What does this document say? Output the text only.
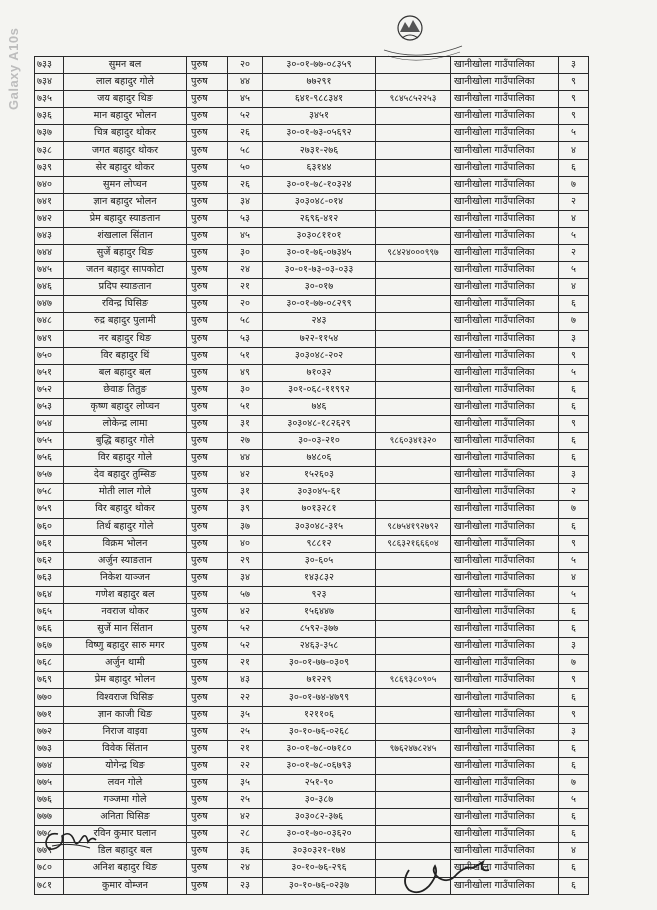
Galaxy A10s	७३३	सुमन बल	पुरुष	२०	३०-०१-७७-०८३५९		खानीखोला गाउँपालिका	३
७३४	लाल बहादुर गोले	पुरुष	४४	७७२९१		खानीखोला गाउँपालिका	९
७३५	जय बहादुर थिङ	पुरुष	४५	६४१-९८८३४१	९८४५८५२२५३	खानीखोला गाउँपालिका	९
७३६	मान बहादुर भोलन	पुरुष	५२	३४५१		खानीखोला गाउँपालिका	९
७३७	चित्र बहादुर थोकर	पुरुष	२६	३०-०१-७३-०५६९२		खानीखोला गाउँपालिका	५
७३८	जगत बहादुर थोकर	पुरुष	५८	२७३१-२७६		खानीखोला गाउँपालिका	४
७३९	सेर बहादुर थोकर	पुरुष	५०	६३१४४		खानीखोला गाउँपालिका	६
७४०	सुमन लोप्चन	पुरुष	२६	३०-०१-७८-१०३२४		खानीखोला गाउँपालिका	७
७४१	ज्ञान बहादुर भोलन	पुरुष	३४	३०३०४८-०१४		खानीखोला गाउँपालिका	२
७४२	प्रेम बहादुर स्याङतान	पुरुष	५३	२६९६-४१२		खानीखोला गाउँपालिका	४
७४३	शंखलाल सिंतान	पुरुष	४५	३०३०८११०१		खानीखोला गाउँपालिका	५
७४४	सुर्जे बहादुर थिङ	पुरुष	३०	३०-०१-७६-०७३४५	९८४२४०००९९७	खानीखोला गाउँपालिका	२
७४५	जतन बहादुर सापकोटा	पुरुष	२४	३०-०१-७३-०३-०३३		खानीखोला गाउँपालिका	५
७४६	प्रदिप स्याङतान	पुरुष	२१	३०-०१७		खानीखोला गाउँपालिका	४
७४७	रविन्द्र घिसिङ	पुरुष	२०	३०-०१-७७-०८२९९		खानीखोला गाउँपालिका	६
७४८	रुद्र बहादुर पुलामी	पुरुष	५८	२४३		खानीखोला गाउँपालिका	७
७४९	नर बहादुर थिङ	पुरुष	५३	७२२-११५४		खानीखोला गाउँपालिका	३
७५०	विर बहादुर थिं	पुरुष	५१	३०३०४८-२०२		खानीखोला गाउँपालिका	९
७५१	बल बहादुर बल	पुरुष	४९	७१०३२		खानीखोला गाउँपालिका	५
७५२	छेवाङ तितुङ	पुरुष	३०	३०१-०६८-११९९२		खानीखोला गाउँपालिका	६
७५३	कृष्ण बहादुर लोप्चन	पुरुष	५१	७४६		खानीखोला गाउँपालिका	६
७५४	लोकेन्द्र लामा	पुरुष	३१	३०३०४८-१८२६२९		खानीखोला गाउँपालिका	९
७५५	बुद्धि बहादुर गोले	पुरुष	२७	३०-०३-२१०	९८६०३४१३२०	खानीखोला गाउँपालिका	६
७५६	विर बहादुर गोले	पुरुष	४४	७४८०६		खानीखोला गाउँपालिका	६
७५७	देव बहादुर तुम्सिङ	पुरुष	४२	१५२६०३		खानीखोला गाउँपालिका	३
७५८	मोती लाल गोले	पुरुष	३१	३०३०४५-६१		खानीखोला गाउँपालिका	२
७५९	विर बहादुर थोकर	पुरुष	३९	७०१३२८१		खानीखोला गाउँपालिका	७
७६०	तिर्थ बहादुर गोले	पुरुष	३७	३०३०४८-३१५	९८७५४१९२७९२	खानीखोला गाउँपालिका	६
७६१	विक्रम भोलन	पुरुष	४०	९८८१२	९८६३२१६६६०४	खानीखोला गाउँपालिका	९
७६२	अर्जुन स्याङतान	पुरुष	२९	३०-६०५		खानीखोला गाउँपालिका	५
७६३	निकेश याञ्जन	पुरुष	३४	१४३८३२		खानीखोला गाउँपालिका	४
७६४	गणेश बहादुर बल	पुरुष	५७	९२३		खानीखोला गाउँपालिका	५
७६५	नवराज थोकर	पुरुष	४२	१५६४४७		खानीखोला गाउँपालिका	६
७६६	सुर्जे मान सिंतान	पुरुष	५२	८५९२-३७७		खानीखोला गाउँपालिका	६
७६७	विष्णु बहादुर सारु मगर	पुरुष	५२	२४६३-३५८		खानीखोला गाउँपालिका	३
७६८	अर्जुन थामी	पुरुष	२१	३०-०१-७७-०३०९		खानीखोला गाउँपालिका	७
७६९	प्रेम बहादुर भोलन	पुरुष	४३	७१२२९	९८६९३८०९०५	खानीखोला गाउँपालिका	९
७७०	विश्वराज घिसिङ	पुरुष	२२	३०-०१-७४-४७९९		खानीखोला गाउँपालिका	६
७७१	ज्ञान काजी थिङ	पुरुष	३५	१२११०६		खानीखोला गाउँपालिका	९
७७२	निराज वाइवा	पुरुष	२५	३०-१०-७६-०२६८		खानीखोला गाउँपालिका	३
७७३	विवेक सिंतान	पुरुष	२१	३०-०१-७८-०७१८०	९७६२४७८२४५	खानीखोला गाउँपालिका	६
७७४	योगेन्द्र थिङ	पुरुष	२२	३०-०१-७८-०६७९३		खानीखोला गाउँपालिका	६
७७५	लवन गोले	पुरुष	३५	२५१-९०		खानीखोला गाउँपालिका	७
७७६	गञ्जमा गोले	पुरुष	२५	३०-३८७		खानीखोला गाउँपालिका	५
७७७	अनिता घिसिङ	पुरुष	४२	३०३०८२-३७६		खानीखोला गाउँपालिका	६
७७८	रविन कुमार घलान	पुरुष	२८	३०-०१-७०-०३६२०		खानीखोला गाउँपालिका	६
७७९	डिल बहादुर बल	पुरुष	३६	३०३०३२१-१७४		खानीखोला गाउँपालिका	४
७८०	अनिश बहादुर थिङ	पुरुष	२४	३०-१०-७६-२९६		खानीखोला गाउँपालिका	६
७८१	कुमार वोम्जन	पुरुष	२३	३०-१०-७६-०२३७		खानीखोला गाउँपालिका	६
